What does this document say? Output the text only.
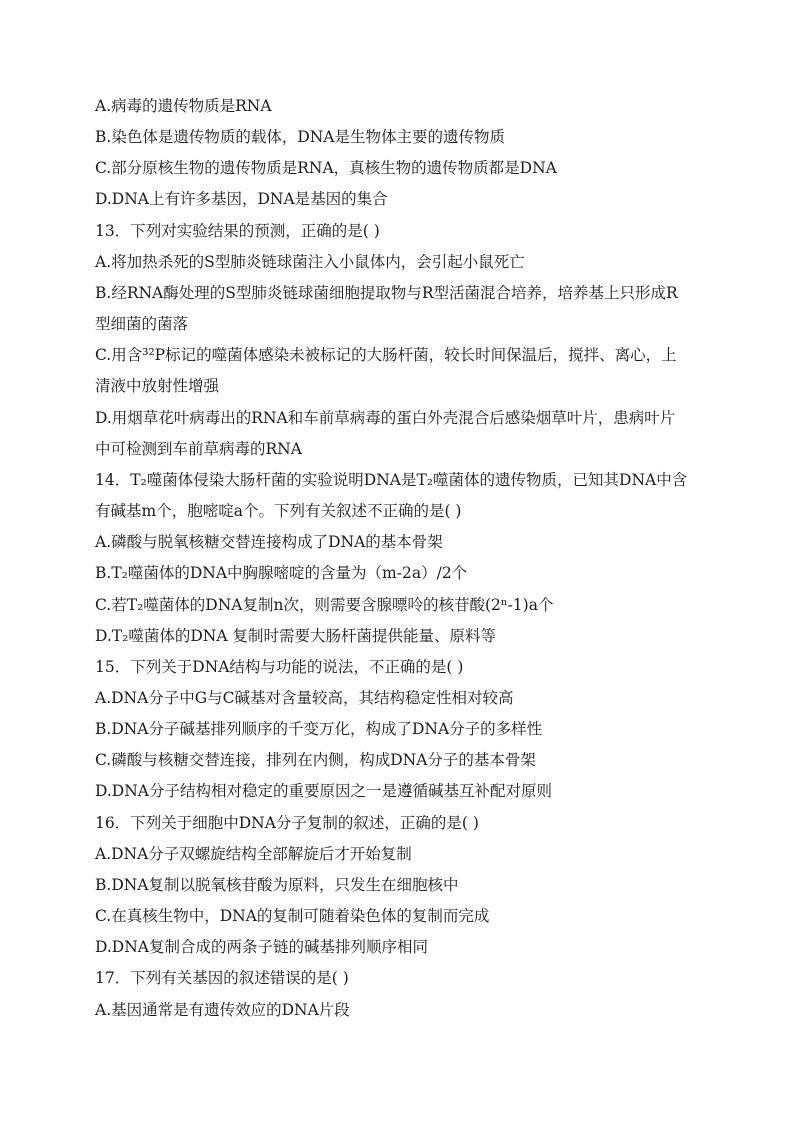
A.病毒的遗传物质是RNA
B.染色体是遗传物质的载体，DNA是生物体主要的遗传物质
C.部分原核生物的遗传物质是RNA，真核生物的遗传物质都是DNA
D.DNA上有许多基因，DNA是基因的集合
13．下列对实验结果的预测，正确的是( )
A.将加热杀死的S型肺炎链球菌注入小鼠体内，会引起小鼠死亡
B.经RNA酶处理的S型肺炎链球菌细胞提取物与R型活菌混合培养，培养基上只形成R
型细菌的菌落
C.用含³²P标记的噬菌体感染未被标记的大肠杆菌，较长时间保温后，搅拌、离心，上
清液中放射性增强
D.用烟草花叶病毒出的RNA和车前草病毒的蛋白外壳混合后感染烟草叶片，患病叶片
中可检测到车前草病毒的RNA
14．T₂噬菌体侵染大肠杆菌的实验说明DNA是T₂噬菌体的遗传物质，已知其DNA中含
有碱基m个，胞嘧啶a个。下列有关叙述不正确的是( )
A.磷酸与脱氧核糖交替连接构成了DNA的基本骨架
B.T₂噬菌体的DNA中胸腺嘧啶的含量为（m-2a）/2个
C.若T₂噬菌体的DNA复制n次，则需要含腺嘌呤的核苷酸(2ⁿ-1)a个
D.T₂噬菌体的DNA 复制时需要大肠杆菌提供能量、原料等
15．下列关于DNA结构与功能的说法，不正确的是( )
A.DNA分子中G与C碱基对含量较高，其结构稳定性相对较高
B.DNA分子碱基排列顺序的千变万化，构成了DNA分子的多样性
C.磷酸与核糖交替连接，排列在内侧，构成DNA分子的基本骨架
D.DNA分子结构相对稳定的重要原因之一是遵循碱基互补配对原则
16．下列关于细胞中DNA分子复制的叙述，正确的是( )
A.DNA分子双螺旋结构全部解旋后才开始复制
B.DNA复制以脱氧核苷酸为原料，只发生在细胞核中
C.在真核生物中，DNA的复制可随着染色体的复制而完成
D.DNA复制合成的两条子链的碱基排列顺序相同
17．下列有关基因的叙述错误的是( )
A.基因通常是有遗传效应的DNA片段
